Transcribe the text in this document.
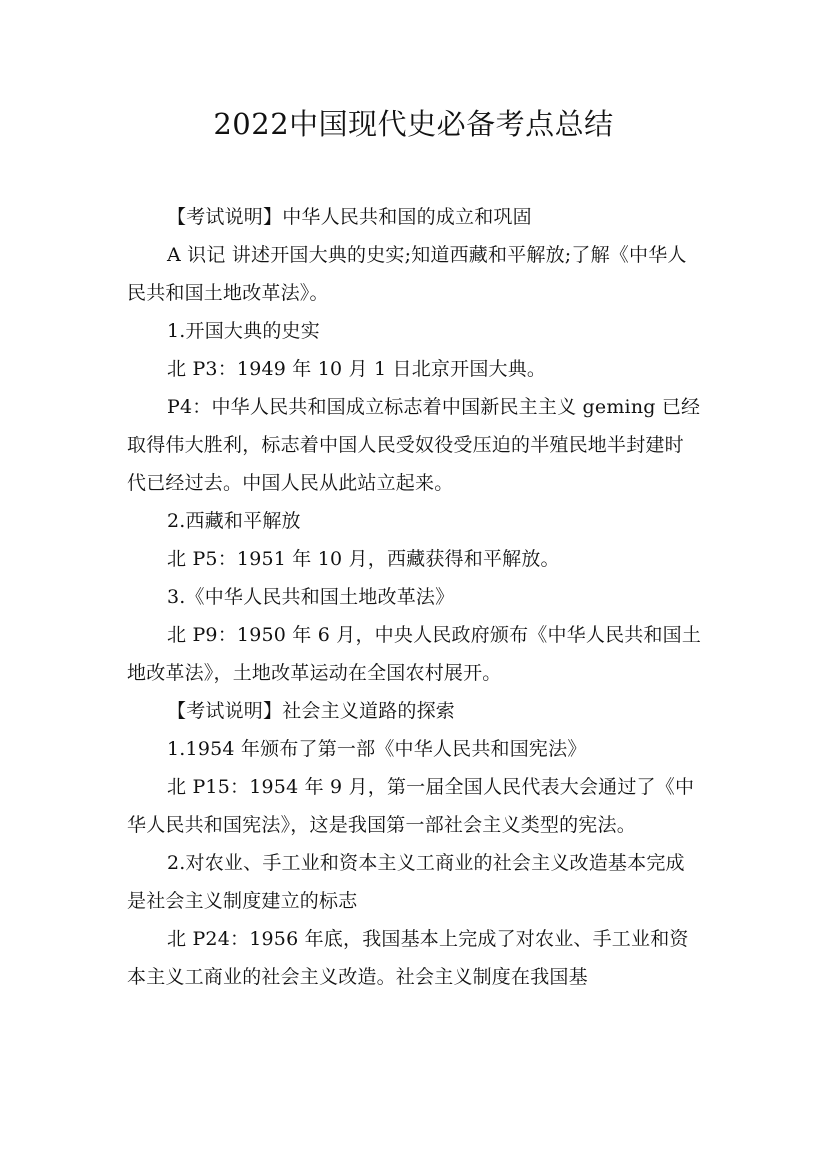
2022中国现代史必备考点总结

【考试说明】中华人民共和国的成立和巩固

A 识记 讲述开国大典的史实;知道西藏和平解放;了解《中华人民共和国土地改革法》。

1.开国大典的史实

北 P3：1949 年 10 月 1 日北京开国大典。

P4：中华人民共和国成立标志着中国新民主主义 geming 已经取得伟大胜利，标志着中国人民受奴役受压迫的半殖民地半封建时代已经过去。中国人民从此站立起来。

2.西藏和平解放

北 P5：1951 年 10 月，西藏获得和平解放。

3.《中华人民共和国土地改革法》

北 P9：1950 年 6 月，中央人民政府颁布《中华人民共和国土地改革法》，土地改革运动在全国农村展开。

【考试说明】社会主义道路的探索

1.1954 年颁布了第一部《中华人民共和国宪法》

北 P15：1954 年 9 月，第一届全国人民代表大会通过了《中华人民共和国宪法》，这是我国第一部社会主义类型的宪法。

2.对农业、手工业和资本主义工商业的社会主义改造基本完成是社会主义制度建立的标志

北 P24：1956 年底，我国基本上完成了对农业、手工业和资本主义工商业的社会主义改造。社会主义制度在我国基
